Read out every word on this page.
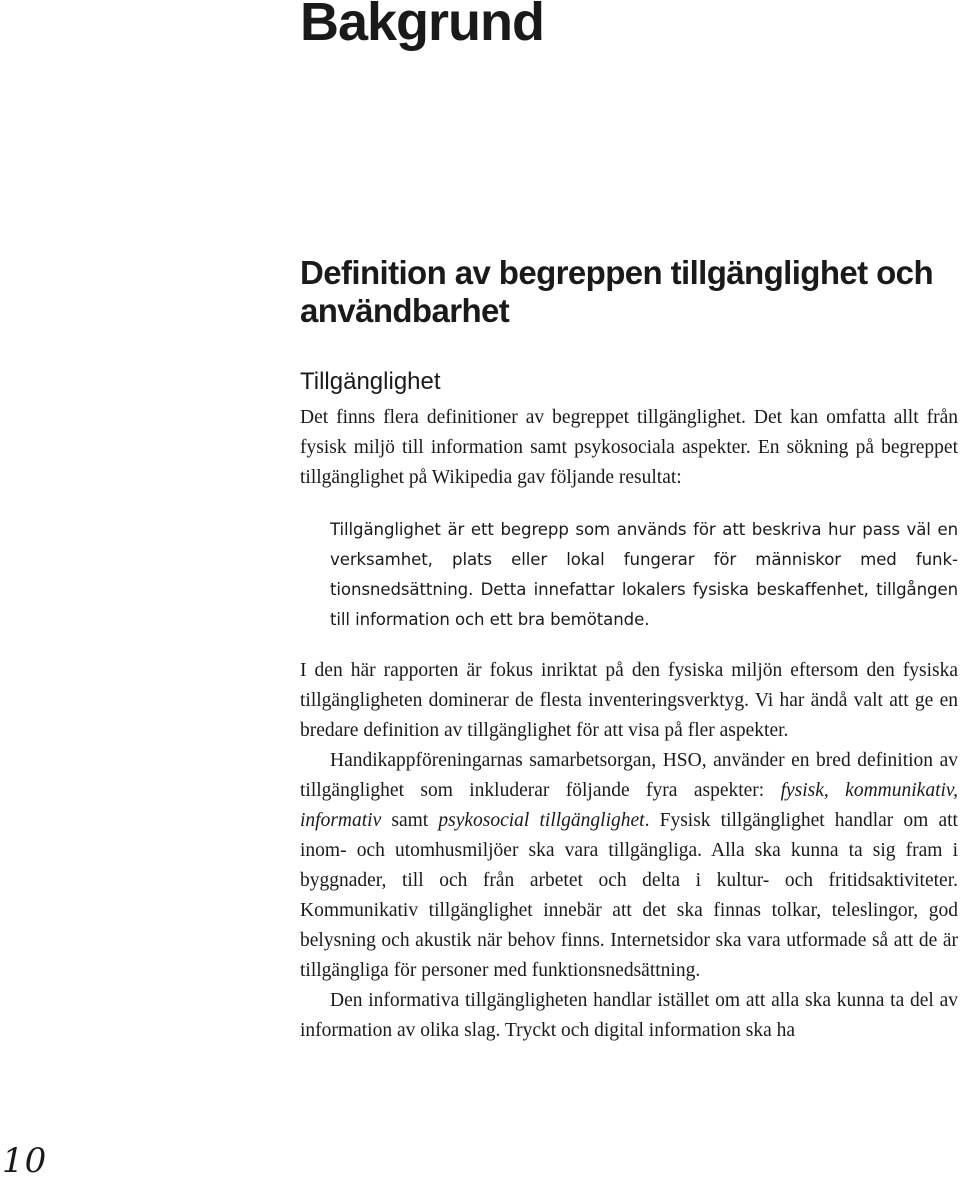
Bakgrund
Definition av begreppen tillgänglighet och användbarhet
Tillgänglighet

Det finns flera definitioner av begreppet tillgänglighet. Det kan omfatta allt från fysisk miljö till information samt psykosociala aspekter. En sökning på begreppet tillgänglighet på Wikipedia gav följande resultat:

Tillgänglighet är ett begrepp som används för att beskriva hur pass väl en verksamhet, plats eller lokal fungerar för människor med funktionsnedsättning. Detta innefattar lokalers fysiska beskaffenhet, tillgången till information och ett bra bemötande.

I den här rapporten är fokus inriktat på den fysiska miljön eftersom den fysiska tillgängligheten dominerar de flesta inventeringsverktyg. Vi har ändå valt att ge en bredare definition av tillgänglighet för att visa på fler aspekter.

Handikappföreningarnas samarbetsorgan, HSO, använder en bred definition av tillgänglighet som inkluderar följande fyra aspekter: fysisk, kommunikativ, informativ samt psykosocial tillgänglighet. Fysisk tillgänglighet handlar om att inom- och utomhusmiljöer ska vara tillgängliga. Alla ska kunna ta sig fram i byggnader, till och från arbetet och delta i kultur- och fritidsaktiviteter. Kommunikativ tillgänglighet innebär att det ska finnas tolkar, teleslingor, god belysning och akustik när behov finns. Internetsidor ska vara utformade så att de är tillgängliga för personer med funktionsnedsättning.

Den informativa tillgängligheten handlar istället om att alla ska kunna ta del av information av olika slag. Tryckt och digital information ska ha

10
